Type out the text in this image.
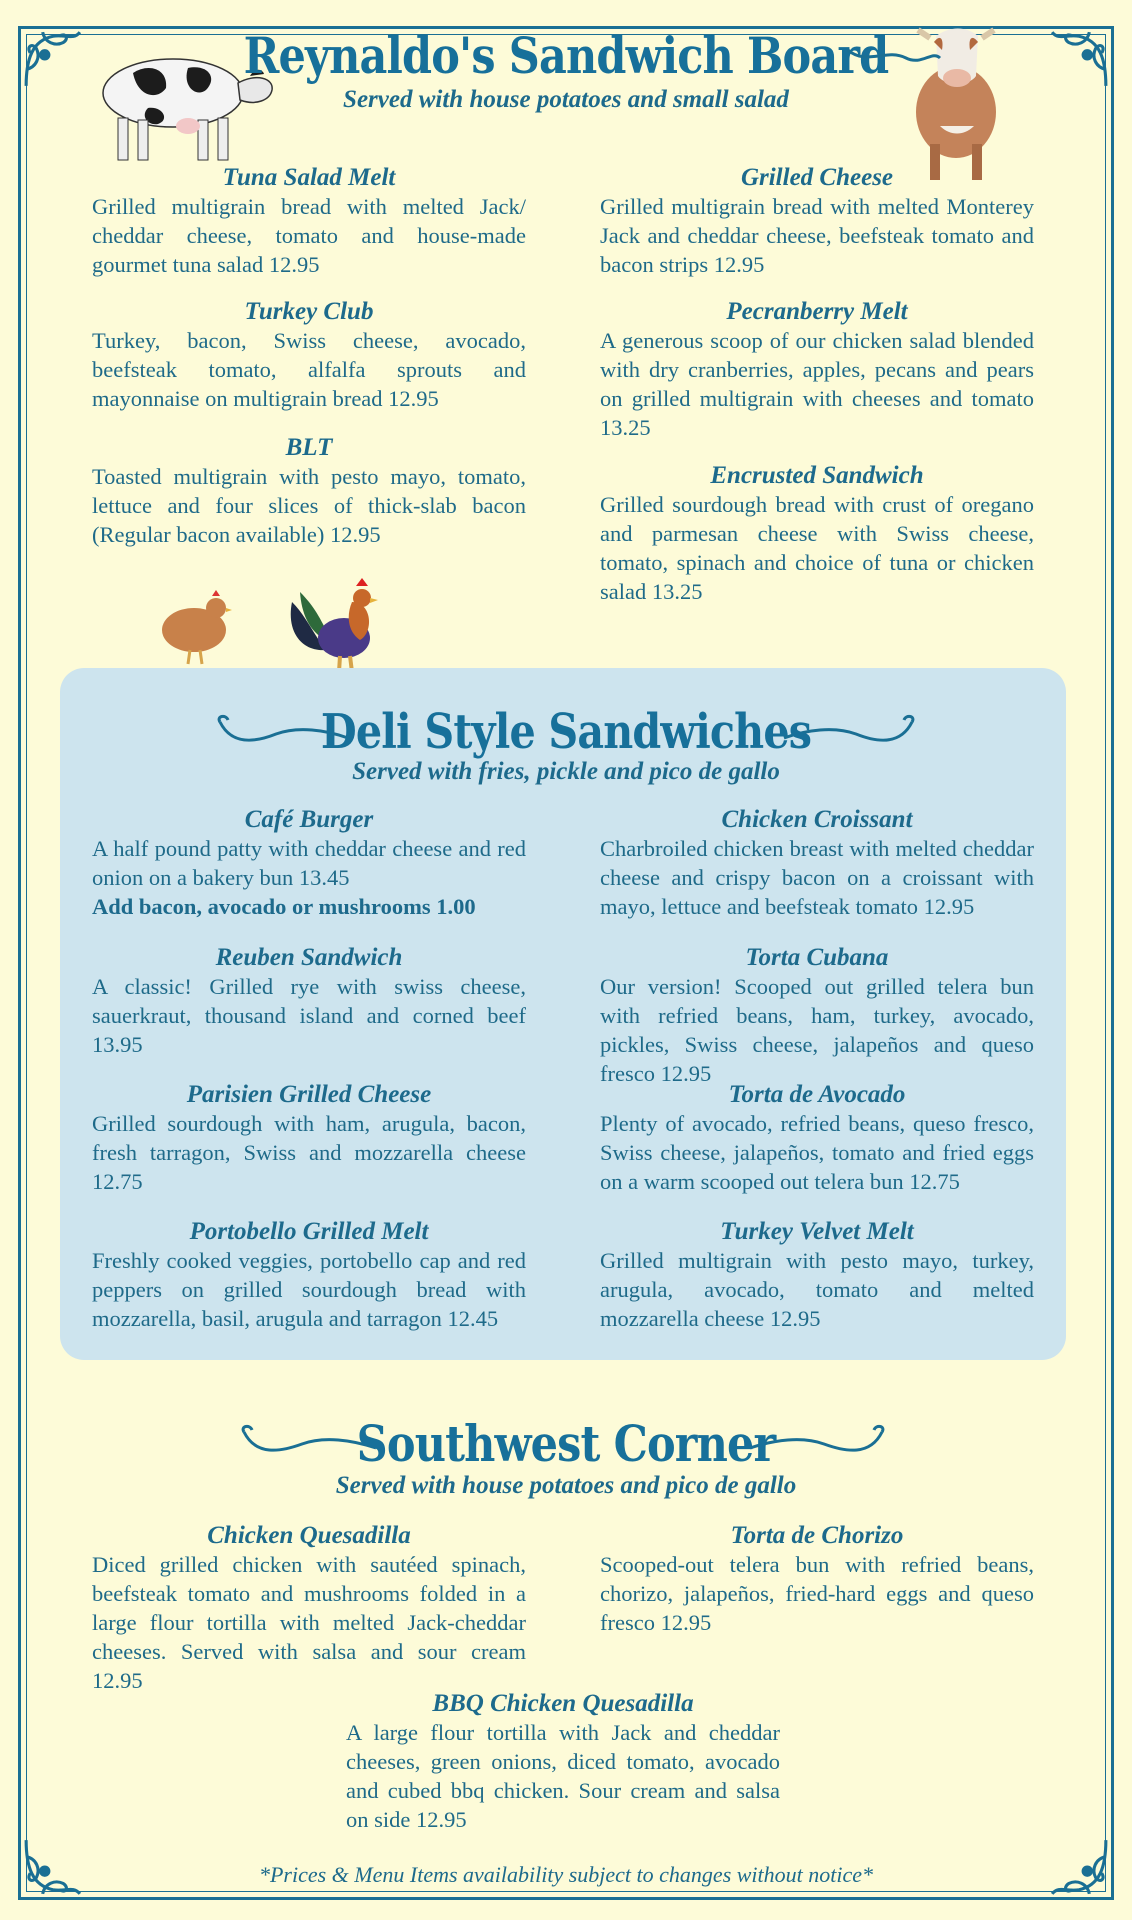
Reynaldo's Sandwich Board
Served with house potatoes and small salad
Tuna Salad Melt
Grilled multigrain bread with melted Jack/ cheddar cheese, tomato and house-made gourmet tuna salad 12.95
Grilled Cheese
Grilled multigrain bread with melted Monterey Jack and cheddar cheese, beefsteak tomato and bacon strips 12.95
Turkey Club
Turkey, bacon, Swiss cheese, avocado, beefsteak tomato, alfalfa sprouts and mayonnaise on multigrain bread 12.95
Pecranberry Melt
A generous scoop of our chicken salad blended with dry cranberries, apples, pecans and pears on grilled multigrain with cheeses and tomato 13.25
BLT
Toasted multigrain with pesto mayo, tomato, lettuce and four slices of thick-slab bacon (Regular bacon available) 12.95
Encrusted Sandwich
Grilled sourdough bread with crust of oregano and parmesan cheese with Swiss cheese, tomato, spinach and choice of tuna or chicken salad 13.25
Deli Style Sandwiches
Served with fries, pickle and pico de gallo
Café Burger
A half pound patty with cheddar cheese and red onion on a bakery bun 13.45
Add bacon, avocado or mushrooms 1.00
Chicken Croissant
Charbroiled chicken breast with melted cheddar cheese and crispy bacon on a croissant with mayo, lettuce and beefsteak tomato 12.95
Reuben Sandwich
A classic! Grilled rye with swiss cheese, sauerkraut, thousand island and corned beef 13.95
Torta Cubana
Our version! Scooped out grilled telera bun with refried beans, ham, turkey, avocado, pickles, Swiss cheese, jalapeños and queso fresco 12.95
Parisien Grilled Cheese
Grilled sourdough with ham, arugula, bacon, fresh tarragon, Swiss and mozzarella cheese 12.75
Torta de Avocado
Plenty of avocado, refried beans, queso fresco, Swiss cheese, jalapeños, tomato and fried eggs on a warm scooped out telera bun 12.75
Portobello Grilled Melt
Freshly cooked veggies, portobello cap and red peppers on grilled sourdough bread with mozzarella, basil, arugula and tarragon 12.45
Turkey Velvet Melt
Grilled multigrain with pesto mayo, turkey, arugula, avocado, tomato and melted mozzarella cheese 12.95
Southwest Corner
Served with house potatoes and pico de gallo
Chicken Quesadilla
Diced grilled chicken with sautéed spinach, beefsteak tomato and mushrooms folded in a large flour tortilla with melted Jack-cheddar cheeses. Served with salsa and sour cream 12.95
Torta de Chorizo
Scooped-out telera bun with refried beans, chorizo, jalapeños, fried-hard eggs and queso fresco 12.95
BBQ Chicken Quesadilla
A large flour tortilla with Jack and cheddar cheeses, green onions, diced tomato, avocado and cubed bbq chicken. Sour cream and salsa on side 12.95
*Prices & Menu Items availability subject to changes without notice*
